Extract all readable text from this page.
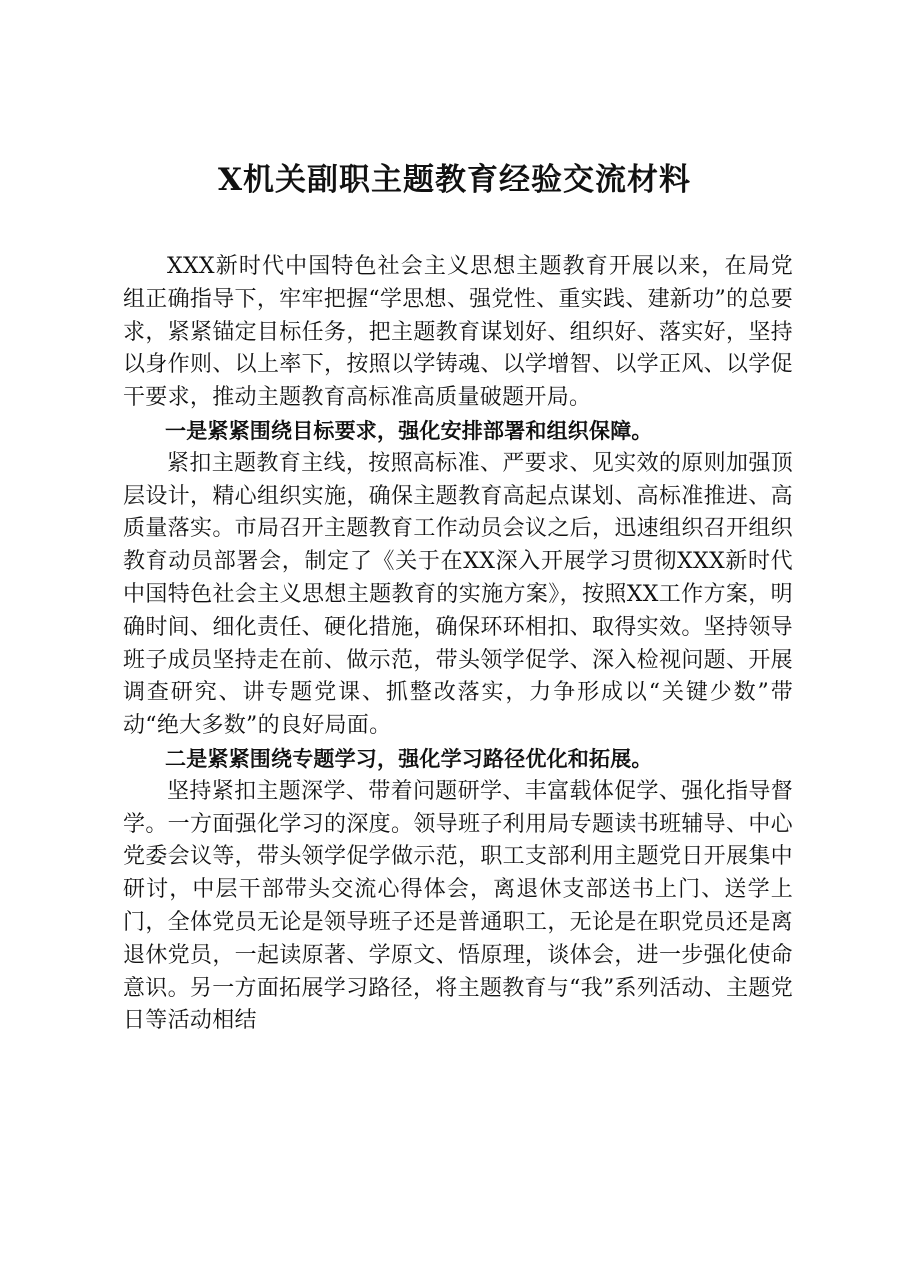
X机关副职主题教育经验交流材料

XXX新时代中国特色社会主义思想主题教育开展以来，在局党组正确指导下，牢牢把握“学思想、强党性、重实践、建新功”的总要求，紧紧锚定目标任务，把主题教育谋划好、组织好、落实好，坚持以身作则、以上率下，按照以学铸魂、以学增智、以学正风、以学促干要求，推动主题教育高标准高质量破题开局。

一是紧紧围绕目标要求，强化安排部署和组织保障。

紧扣主题教育主线，按照高标准、严要求、见实效的原则加强顶层设计，精心组织实施，确保主题教育高起点谋划、高标准推进、高质量落实。市局召开主题教育工作动员会议之后，迅速组织召开组织教育动员部署会，制定了《关于在XX深入开展学习贯彻XXX新时代中国特色社会主义思想主题教育的实施方案》，按照XX工作方案，明确时间、细化责任、硬化措施，确保环环相扣、取得实效。坚持领导班子成员坚持走在前、做示范，带头领学促学、深入检视问题、开展调查研究、讲专题党课、抓整改落实，力争形成以“关键少数”带动“绝大多数”的良好局面。

二是紧紧围绕专题学习，强化学习路径优化和拓展。

坚持紧扣主题深学、带着问题研学、丰富载体促学、强化指导督学。一方面强化学习的深度。领导班子利用局专题读书班辅导、中心党委会议等，带头领学促学做示范，职工支部利用主题党日开展集中研讨，中层干部带头交流心得体会，离退休支部送书上门、送学上门，全体党员无论是领导班子还是普通职工，无论是在职党员还是离退休党员，一起读原著、学原文、悟原理，谈体会，进一步强化使命意识。另一方面拓展学习路径，将主题教育与“我”系列活动、主题党日等活动相结
